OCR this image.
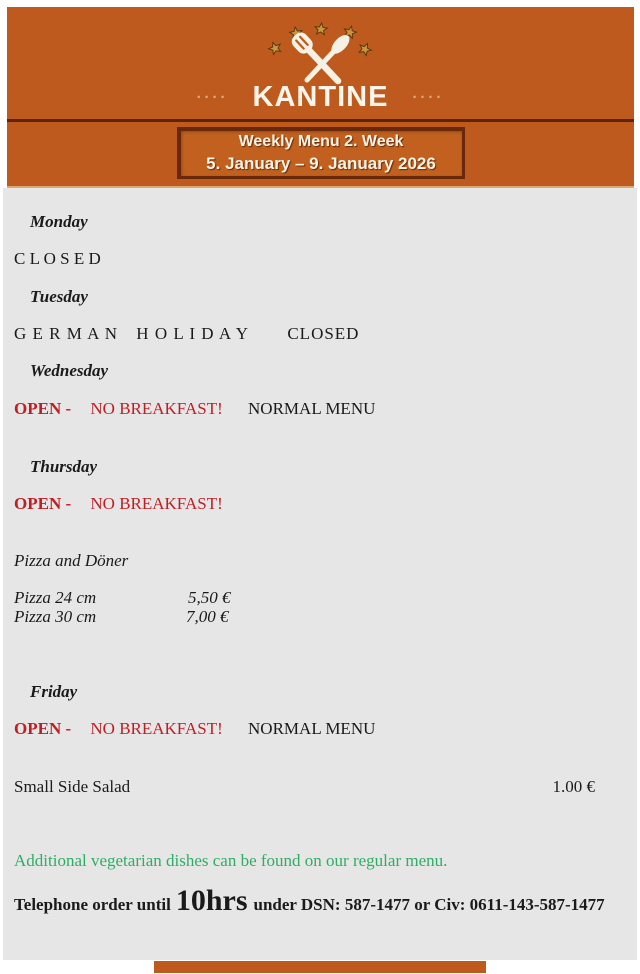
···· KANTINE ····
Weekly Menu 2. Week
5. January – 9. January 2026
Monday
C L O S E D
Tuesday
G E R M A N H O L I D A Y CLOSED
Wednesday
OPEN - NO BREAKFAST! NORMAL MENU
Thursday
OPEN - NO BREAKFAST!
Pizza and Döner
Pizza 24 cm	5,50 €
Pizza 30 cm	7,00 €
Friday
OPEN - NO BREAKFAST! NORMAL MENU
Small Side Salad	1.00 €
Additional vegetarian dishes can be found on our regular menu.
Telephone order until 10hrs under DSN: 587-1477 or Civ: 0611-143-587-1477
